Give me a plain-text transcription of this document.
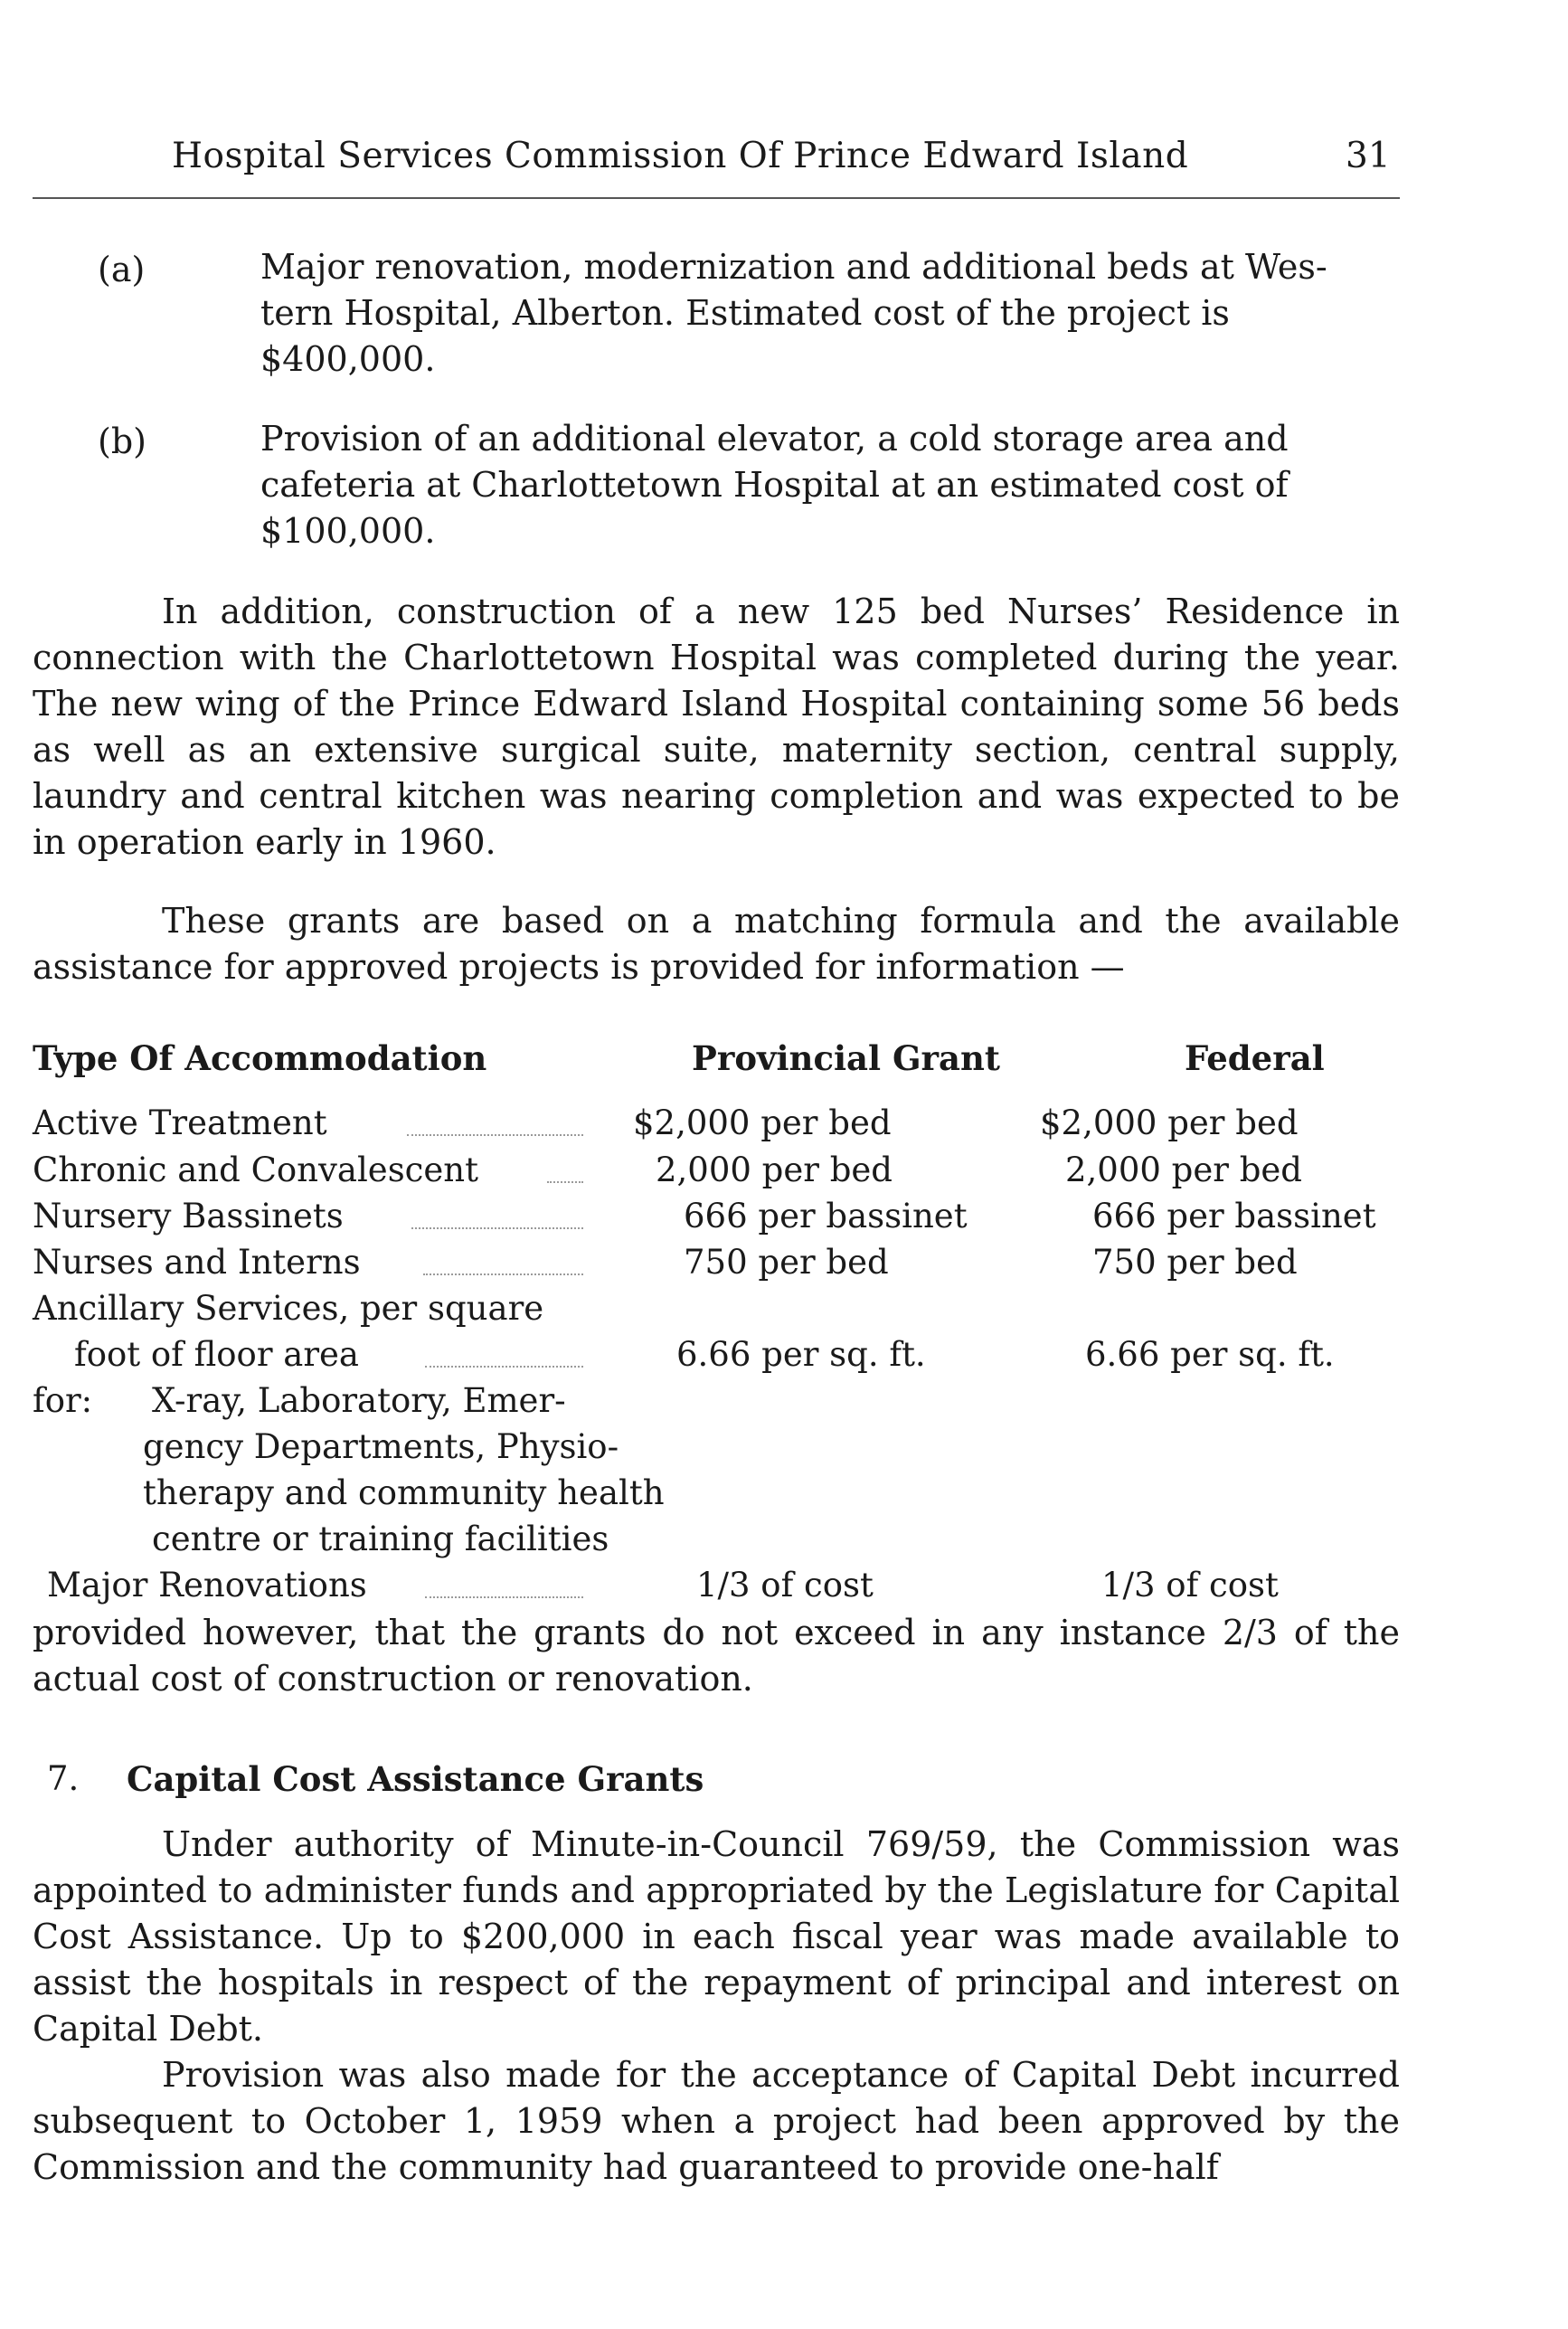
Hospital Services Commission Of Prince Edward Island	31
(a)	Major renovation, modernization and additional beds at Wes-
tern Hospital, Alberton. Estimated cost of the project is
$400,000.
(b)	Provision of an additional elevator, a cold storage area and
cafeteria at Charlottetown Hospital at an estimated cost of
$100,000.
In addition, construction of a new 125 bed Nurses’ Residence in connection with the Charlottetown Hospital was completed during the year. The new wing of the Prince Edward Island Hospital containing some 56 beds as well as an extensive surgical suite, maternity section, central supply, laundry and central kitchen was nearing completion and was expected to be in operation early in 1960.
These grants are based on a matching formula and the available assistance for approved projects is provided for information —
Type Of Accommodation	Provincial Grant	Federal
Active Treatment	$2,000 per bed	$2,000 per bed
Chronic and Convalescent	2,000 per bed	2,000 per bed
Nursery Bassinets	666 per bassinet	666 per bassinet
Nurses and Interns	750 per bed	750 per bed
Ancillary Services, per square
foot of floor area	6.66 per sq. ft.	6.66 per sq. ft.
for: X-ray, Laboratory, Emer-
gency Departments, Physio-
therapy and community health
centre or training facilities
Major Renovations	1/3 of cost	1/3 of cost
provided however, that the grants do not exceed in any instance 2/3 of the actual cost of construction or renovation.
7. Capital Cost Assistance Grants
Under authority of Minute-in-Council 769/59, the Commission was appointed to administer funds and appropriated by the Legislature for Capital Cost Assistance. Up to $200,000 in each fiscal year was made available to assist the hospitals in respect of the repayment of principal and interest on Capital Debt.
Provision was also made for the acceptance of Capital Debt incurred subsequent to October 1, 1959 when a project had been approved by the Commission and the community had guaranteed to provide one-half
